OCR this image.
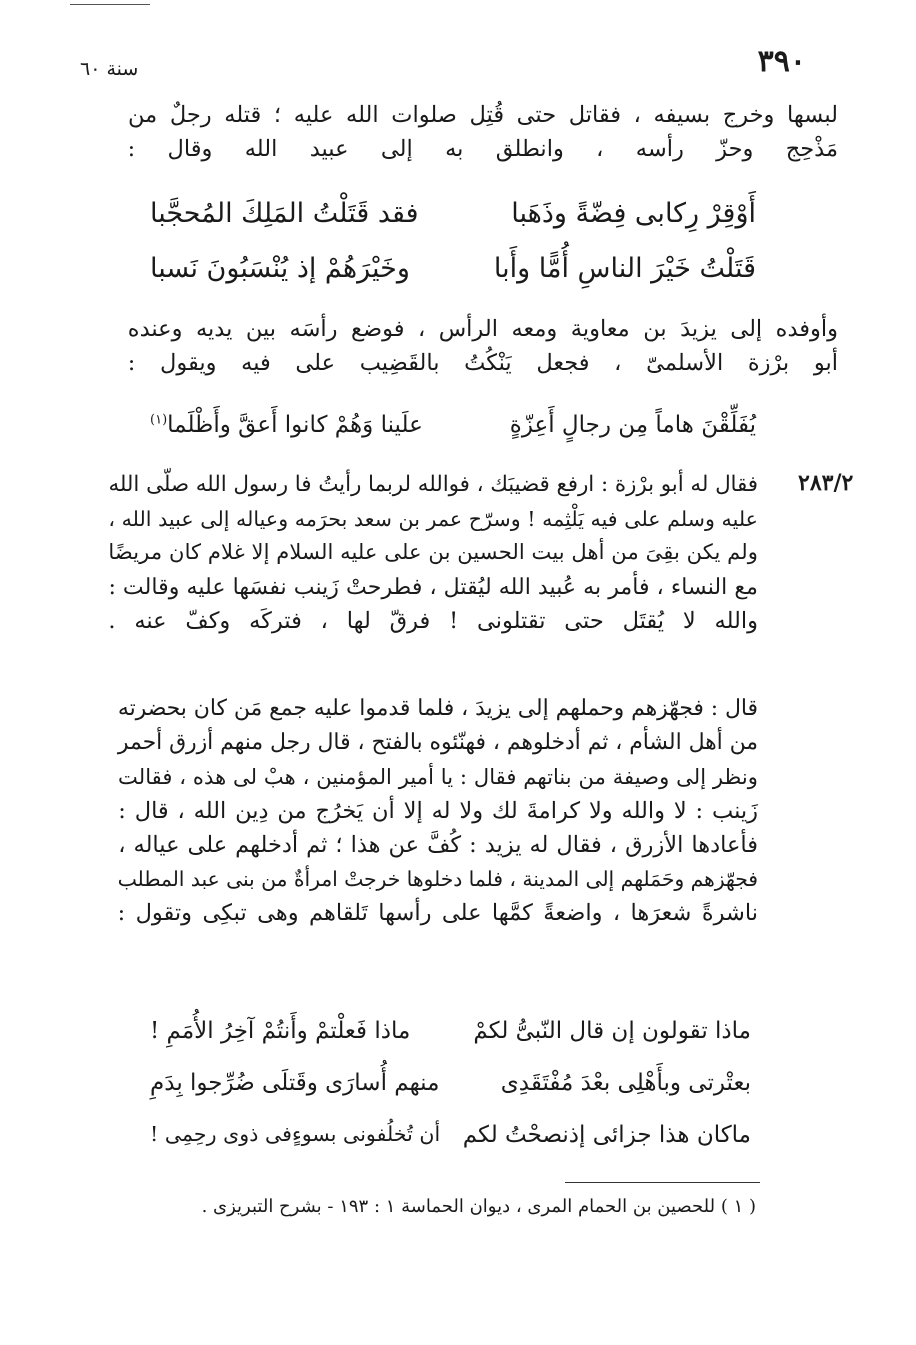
٣٩٠
سنة ٦٠
لبسها وخرج بسيفه ، فقاتل حتى قُتِل صلوات الله عليه ؛ قتله رجلٌ من
مَذْحِج وحزّ رأسه ، وانطلق به إلى عبيد الله وقال :
أَوْقِرْ رِكابى فِضّةً وذَهَبا
فقد قَتَلْتُ المَلِكَ المُحجَّبا
قَتَلْتُ خَيْرَ الناسِ أُمًّا وأَبا
وخَيْرَهُمْ إذ يُنْسَبُونَ نَسبا
وأوفده إلى يزيدَ بن معاوية ومعه الرأس ، فوضع رأسَه بين يديه وعنده
أبو برْزة الأسلمىّ ، فجعل يَنْكُتُ بالقَضِيب على فيه ويقول :
يُفَلِّقْنَ هاماً مِن رجالٍ أَعِزّةٍ
علَينا وَهُمْ كانوا أَعقَّ وأَظْلَما$^{(١)}$
٢٨٣/٢
فقال له أبو برْزة : ارفع قضيبَك ، فوالله لربما رأيتُ فا رسول الله صلّى الله
عليه وسلم على فيه يَلْثِمه ! وسرّح عمر بن سعد بحرَمه وعياله إلى عبيد الله ،
ولم يكن بقِىَ من أهل بيت الحسين بن على عليه السلام إلا غلام كان مريضًا
مع النساء ، فأمر به عُبيد الله ليُقتل ، فطرحتْ زَينب نفسَها عليه وقالت :
والله لا يُقتَل حتى تقتلونى ! فرقّ لها ، فتركَه وكفّ عنه .
قال : فجهّزهم وحملهم إلى يزيدَ ، فلما قدموا عليه جمع مَن كان بحضرته
من أهل الشأم ، ثم أدخلوهم ، فهنّئوه بالفتح ، قال رجل منهم أزرق أحمر
ونظر إلى وصيفة من بناتهم فقال : يا أمير المؤمنين ، هبْ لى هذه ، فقالت
زَينب : لا والله ولا كرامةَ لك ولا له إلا أن يَخرُج من دِين الله ، قال :
فأعادها الأزرق ، فقال له يزيد : كُفَّ عن هذا ؛ ثم أدخلهم على عياله ،
فجهّزهم وحَمَلهم إلى المدينة ، فلما دخلوها خرجتْ امرأةٌ من بنى عبد المطلب
ناشرةً شعرَها ، واضعةً كمَّها على رأسها تَلقاهم وهى تبكِى وتقول :
ماذا تقولون إن قال النّبىُّ لكمْ
ماذا فَعلْتمْ وأَنتُمْ آخِرُ الأُمَمِ !
بعتْرتى وبأَهْلِى بعْدَ مُفْتَقَدِى
منهم أُسارَى وقَتلَى ضُرِّجوا بِدَمِ
ماكان هذا جزائى إذنصحْتُ لكم
أن تُخلُفونى بسوءٍفى ذوى رحِمِى !
( ١ ) للحصين بن الحمام المرى ، ديوان الحماسة ١ : ١٩٣ - بشرح التبريزى .
